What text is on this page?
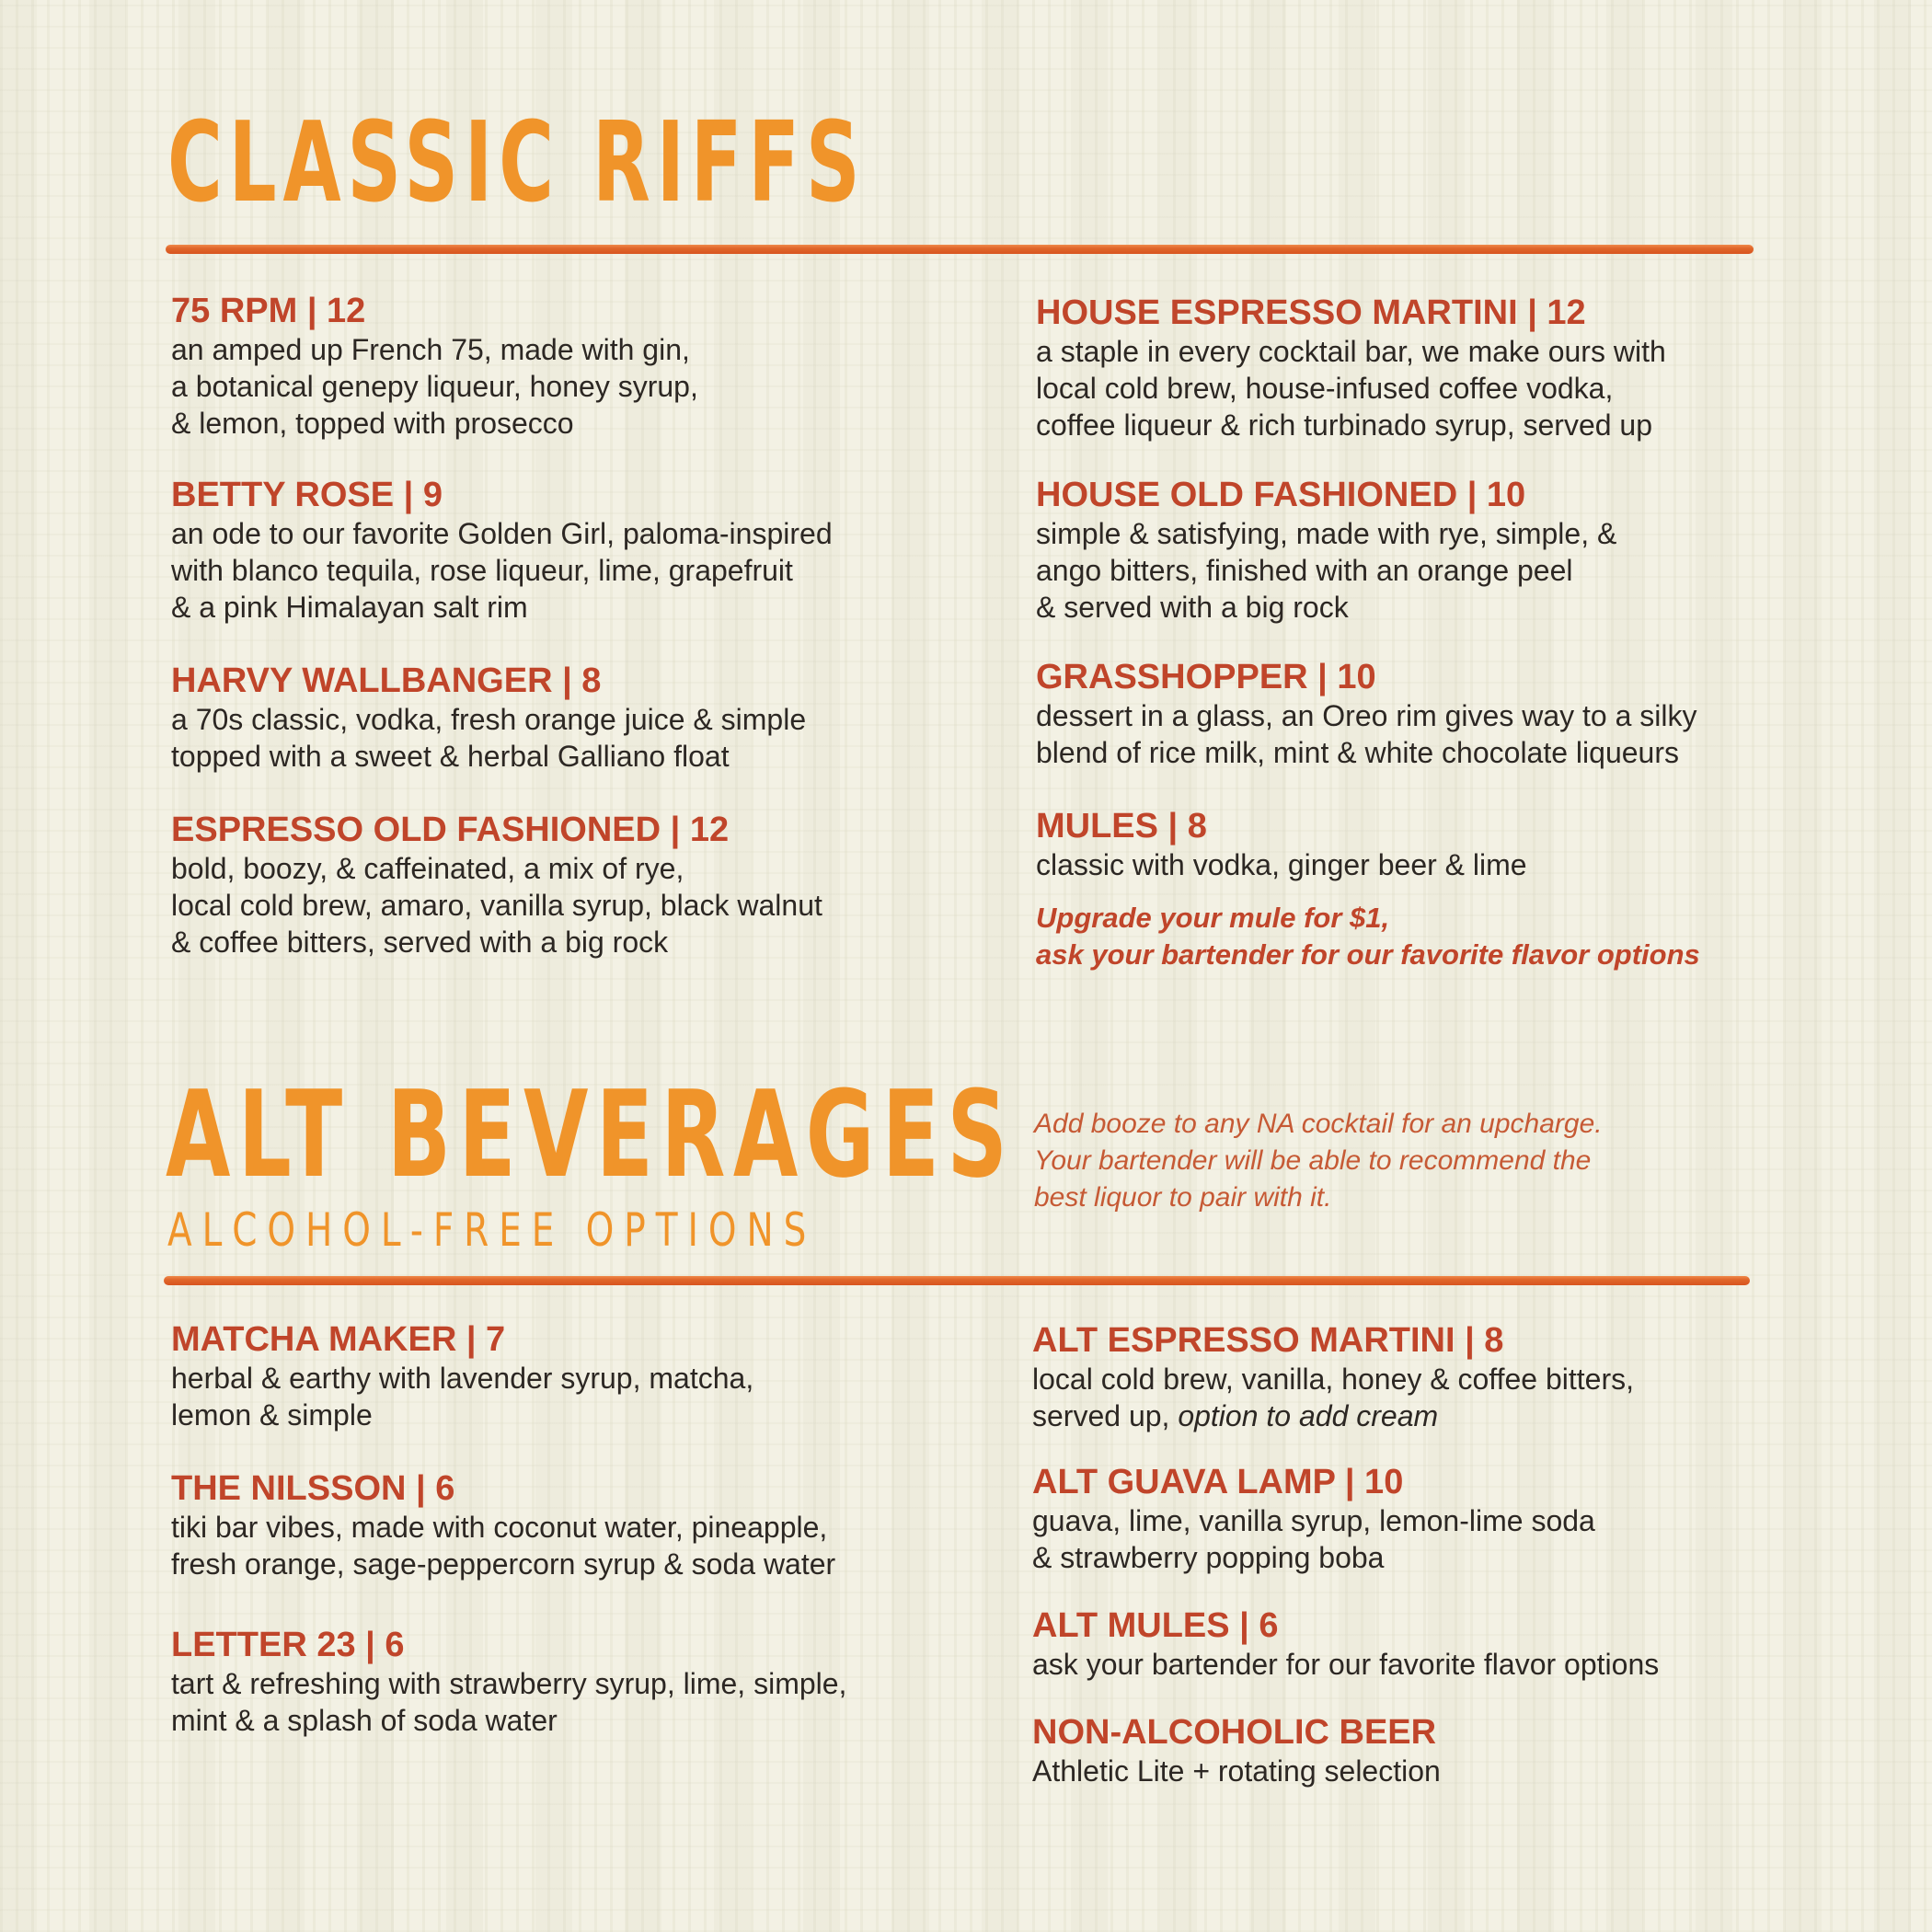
CLASSIC RIFFS
75 RPM | 12
an amped up French 75, made with gin,
a botanical genepy liqueur, honey syrup,
& lemon, topped with prosecco
BETTY ROSE | 9
an ode to our favorite Golden Girl, paloma-inspired
with blanco tequila, rose liqueur, lime, grapefruit
& a pink Himalayan salt rim
HARVY WALLBANGER | 8
a 70s classic, vodka, fresh orange juice & simple
topped with a sweet & herbal Galliano float
ESPRESSO OLD FASHIONED | 12
bold, boozy, & caffeinated, a mix of rye,
local cold brew, amaro, vanilla syrup, black walnut
& coffee bitters, served with a big rock
HOUSE ESPRESSO MARTINI | 12
a staple in every cocktail bar, we make ours with
local cold brew, house-infused coffee vodka,
coffee liqueur & rich turbinado syrup, served up
HOUSE OLD FASHIONED | 10
simple & satisfying, made with rye, simple, &
ango bitters, finished with an orange peel
& served with a big rock
GRASSHOPPER | 10
dessert in a glass, an Oreo rim gives way to a silky
blend of rice milk, mint & white chocolate liqueurs
MULES | 8
classic with vodka, ginger beer & lime
Upgrade your mule for $1,
ask your bartender for our favorite flavor options
ALT BEVERAGES
ALCOHOL-FREE OPTIONS
Add booze to any NA cocktail for an upcharge.
Your bartender will be able to recommend the
best liquor to pair with it.
MATCHA MAKER | 7
herbal & earthy with lavender syrup, matcha,
lemon & simple
THE NILSSON | 6
tiki bar vibes, made with coconut water, pineapple,
fresh orange, sage-peppercorn syrup & soda water
LETTER 23 | 6
tart & refreshing with strawberry syrup, lime, simple,
mint & a splash of soda water
ALT ESPRESSO MARTINI | 8
local cold brew, vanilla, honey & coffee bitters,
served up, option to add cream
ALT GUAVA LAMP | 10
guava, lime, vanilla syrup, lemon-lime soda
& strawberry popping boba
ALT MULES | 6
ask your bartender for our favorite flavor options
NON-ALCOHOLIC BEER
Athletic Lite + rotating selection
